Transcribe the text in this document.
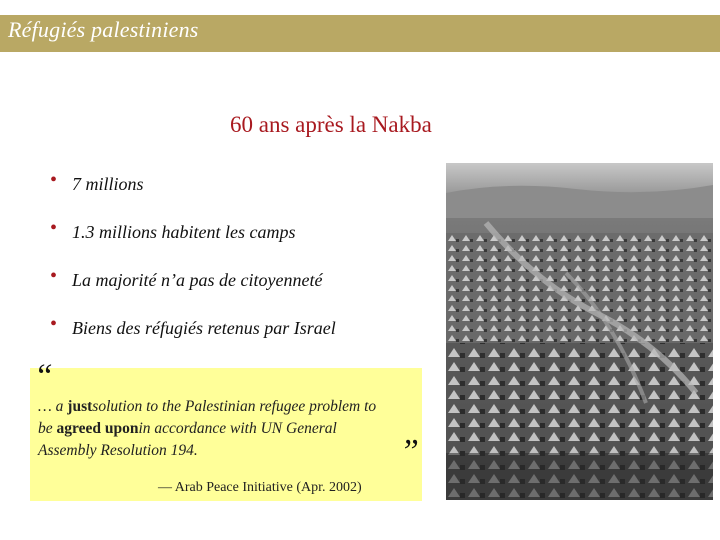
Réfugiés palestiniens
60 ans après la Nakba
• 7 millions
• 1.3 millions habitent les camps
• La majorité n’a pas de citoyenneté
• Biens des réfugiés retenus par Israel
“
… a justsolution to the Palestinian refugee problem to
be agreed uponin accordance with UN General
Assembly Resolution 194.	”
— Arab Peace Initiative (Apr. 2002)
